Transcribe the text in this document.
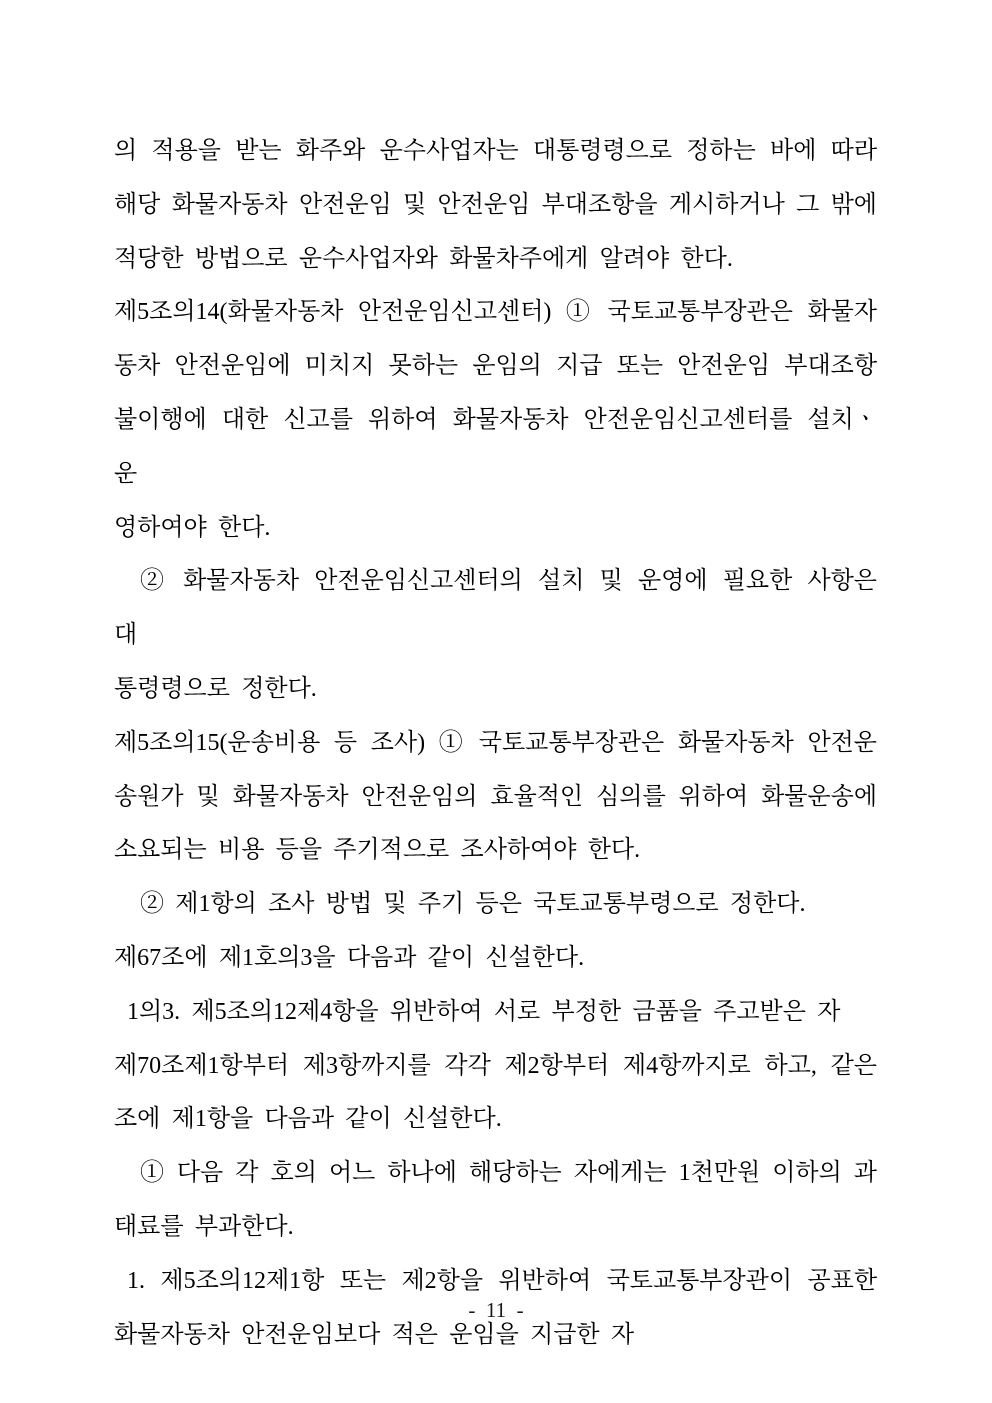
의 적용을 받는 화주와 운수사업자는 대통령령으로 정하는 바에 따라
해당 화물자동차 안전운임 및 안전운임 부대조항을 게시하거나 그 밖에
적당한 방법으로 운수사업자와 화물차주에게 알려야 한다.
제5조의14(화물자동차 안전운임신고센터) ① 국토교통부장관은 화물자
동차 안전운임에 미치지 못하는 운임의 지급 또는 안전운임 부대조항
불이행에 대한 신고를 위하여 화물자동차 안전운임신고센터를 설치ㆍ운
영하여야 한다.
② 화물자동차 안전운임신고센터의 설치 및 운영에 필요한 사항은 대
통령령으로 정한다.
제5조의15(운송비용 등 조사) ① 국토교통부장관은 화물자동차 안전운
송원가 및 화물자동차 안전운임의 효율적인 심의를 위하여 화물운송에
소요되는 비용 등을 주기적으로 조사하여야 한다.
② 제1항의 조사 방법 및 주기 등은 국토교통부령으로 정한다.
제67조에 제1호의3을 다음과 같이 신설한다.
1의3. 제5조의12제4항을 위반하여 서로 부정한 금품을 주고받은 자
제70조제1항부터 제3항까지를 각각 제2항부터 제4항까지로 하고, 같은
조에 제1항을 다음과 같이 신설한다.
① 다음 각 호의 어느 하나에 해당하는 자에게는 1천만원 이하의 과
태료를 부과한다.
1. 제5조의12제1항 또는 제2항을 위반하여 국토교통부장관이 공표한
화물자동차 안전운임보다 적은 운임을 지급한 자
- 11 -
